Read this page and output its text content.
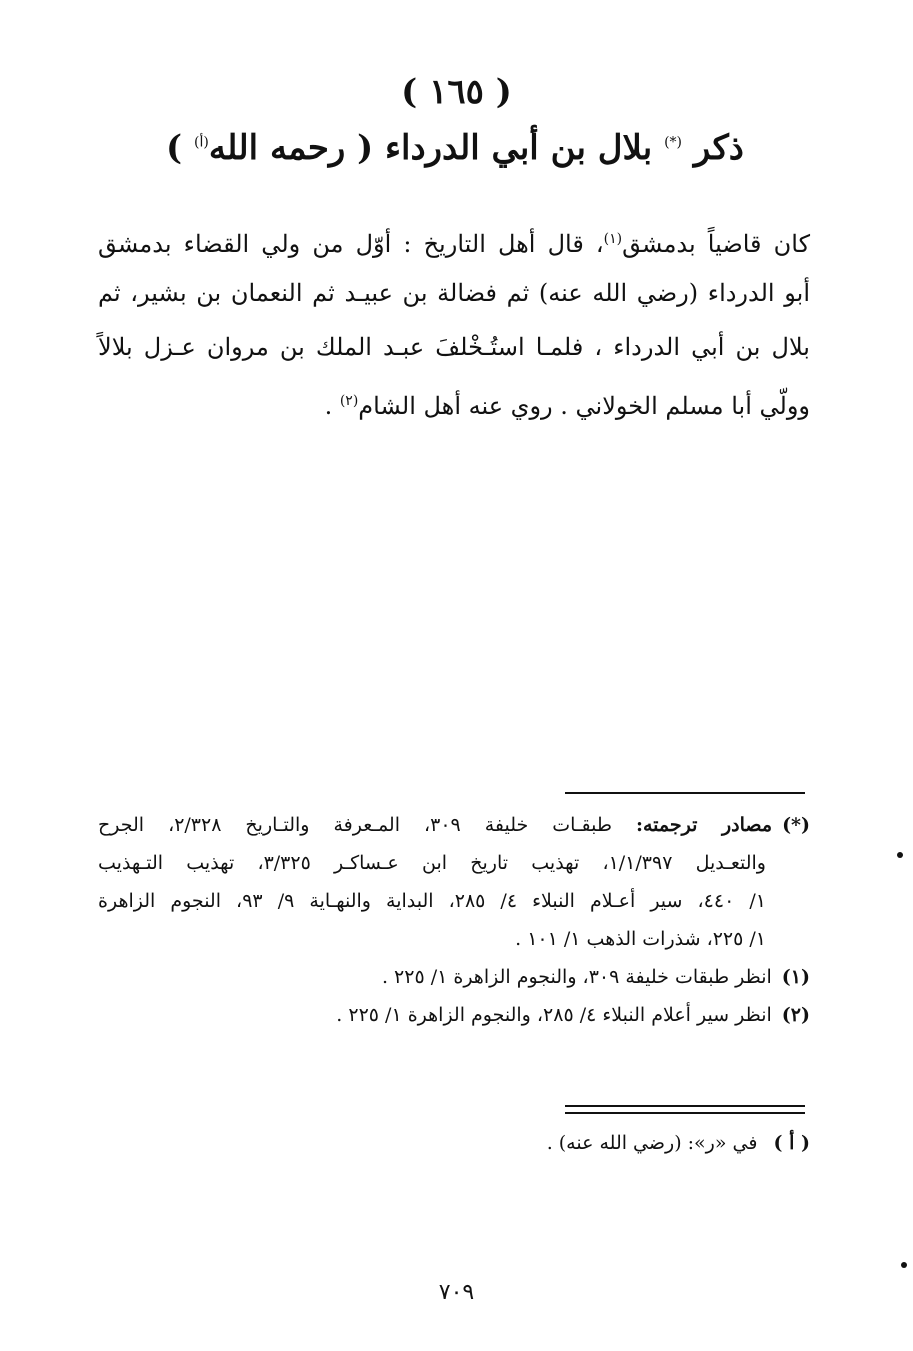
( ١٦٥ )
ذكر (*) بلال بن أبي الدرداء ( رحمه الله$^{(أ)}$ )
كان قاضياً بدمشق$^{(١)}$، قال أهل التاريخ : أوّل من ولي القضاء بدمشق
أبو الدرداء (رضي الله عنه) ثم فضالة بن عبيـد ثم النعمان بن بشير، ثم
بلال بن أبي الدرداء ، فلمـا استُـخْلفَ عبـد الملك بن مروان عـزل بلالاً
وولّي أبا مسلم الخولاني . روي عنه أهل الشام$^{(٢)}$ .
(*)مصادر ترجمته: طبقـات خليفة ٣٠٩، المـعرفة والتـاريخ ٢/٣٢٨، الجرح
والتعـديل ١/١/٣٩٧، تهذيب تاريخ ابن عـساكـر ٣/٣٢٥، تهذيب التـهذيب
١/ ٤٤٠، سير أعـلام النبلاء ٤/ ٢٨٥، البداية والنهـاية ٩/ ٩٣، النجوم الزاهرة
١/ ٢٢٥، شذرات الذهب ١/ ١٠١ .
(١)انظر طبقات خليفة ٣٠٩، والنجوم الزاهرة ١/ ٢٢٥ .
(٢)انظر سير أعلام النبلاء ٤/ ٢٨٥، والنجوم الزاهرة ١/ ٢٢٥ .
( أ ) في «ر»: (رضي الله عنه) .
٧٠٩
